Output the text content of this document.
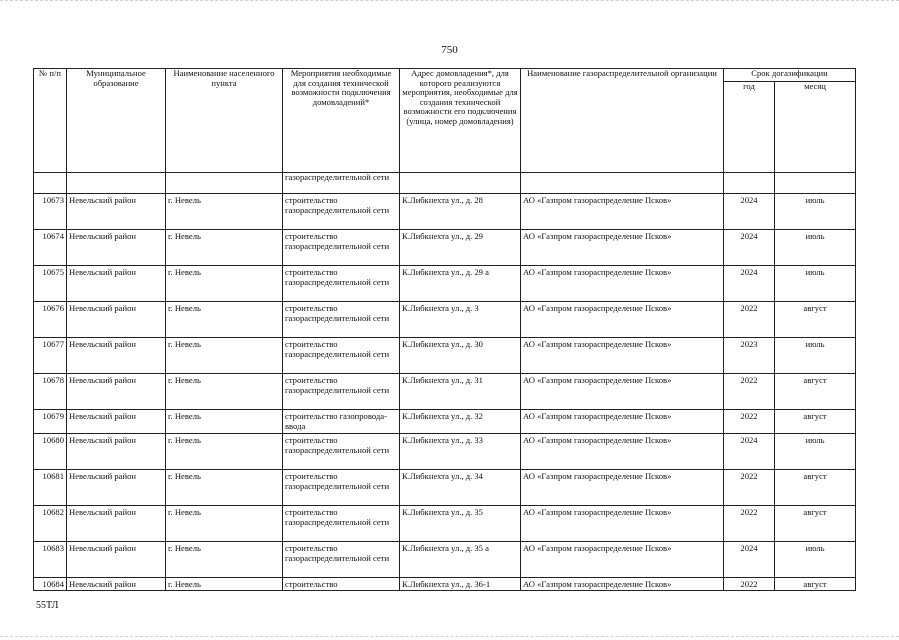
750
№ п/п	Муниципальное образование	Наименование населенного пункта	Мероприятия необходимые для создания технической возможности подключения домовладений*	Адрес домовладения*, для которого реализуются мероприятия, необходимые для создания технической возможности его подключения (улица, номер домовладения)	Наименование газораспределительной организации	Срок догазификации	
						год	месяц
			газораспределительной сети				
10673	Невельский район	г. Невель	строительство газораспределительной сети	К.Либкнехта ул., д. 28	АО «Газпром газораспределение Псков»	2024	июль
10674	Невельский район	г. Невель	строительство газораспределительной сети	К.Либкнехта ул., д. 29	АО «Газпром газораспределение Псков»	2024	июль
10675	Невельский район	г. Невель	строительство газораспределительной сети	К.Либкнехта ул., д. 29 а	АО «Газпром газораспределение Псков»	2024	июль
10676	Невельский район	г. Невель	строительство газораспределительной сети	К.Либкнехта ул., д. 3	АО «Газпром газораспределение Псков»	2022	август
10677	Невельский район	г. Невель	строительство газораспределительной сети	К.Либкнехта ул., д. 30	АО «Газпром газораспределение Псков»	2023	июль
10678	Невельский район	г. Невель	строительство газораспределительной сети	К.Либкнехта ул., д. 31	АО «Газпром газораспределение Псков»	2022	август
10679	Невельский район	г. Невель	строительство газопровода-ввода	К.Либкнехта ул., д. 32	АО «Газпром газораспределение Псков»	2022	август
10680	Невельский район	г. Невель	строительство газораспределительной сети	К.Либкнехта ул., д. 33	АО «Газпром газораспределение Псков»	2024	июль
10681	Невельский район	г. Невель	строительство газораспределительной сети	К.Либкнехта ул., д. 34	АО «Газпром газораспределение Псков»	2022	август
10682	Невельский район	г. Невель	строительство газораспределительной сети	К.Либкнехта ул., д. 35	АО «Газпром газораспределение Псков»	2022	август
10683	Невельский район	г. Невель	строительство газораспределительной сети	К.Либкнехта ул., д. 35 а	АО «Газпром газораспределение Псков»	2024	июль
10684	Невельский район	г. Невель	строительство	К.Либкнехта ул., д. 36-1	АО «Газпром газораспределение Псков»	2022	август
55ТЛ
